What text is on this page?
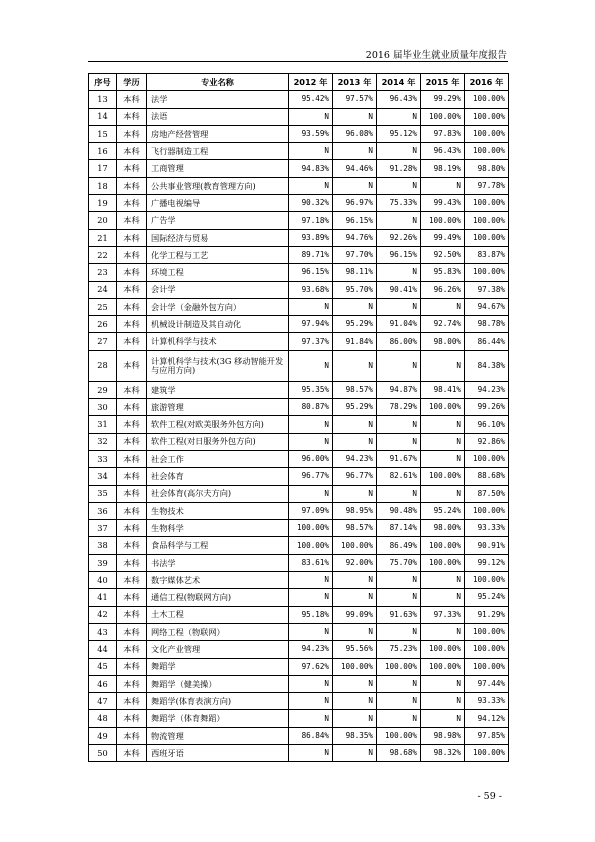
2016 届毕业生就业质量年度报告
序号	学历	专业名称	2012 年	2013 年	2014 年	2015 年	2016 年
13	本科	法学	95.42%	97.57%	96.43%	99.29%	100.00%
14	本科	法语	N	N	N	100.00%	100.00%
15	本科	房地产经营管理	93.59%	96.08%	95.12%	97.83%	100.00%
16	本科	飞行器制造工程	N	N	N	96.43%	100.00%
17	本科	工商管理	94.83%	94.46%	91.28%	98.19%	98.80%
18	本科	公共事业管理(教育管理方向)	N	N	N	N	97.78%
19	本科	广播电视编导	90.32%	96.97%	75.33%	99.43%	100.00%
20	本科	广告学	97.18%	96.15%	N	100.00%	100.00%
21	本科	国际经济与贸易	93.89%	94.76%	92.26%	99.49%	100.00%
22	本科	化学工程与工艺	89.71%	97.70%	96.15%	92.50%	83.87%
23	本科	环境工程	96.15%	98.11%	N	95.83%	100.00%
24	本科	会计学	93.68%	95.70%	90.41%	96.26%	97.38%
25	本科	会计学（金融外包方向）	N	N	N	N	94.67%
26	本科	机械设计制造及其自动化	97.94%	95.29%	91.04%	92.74%	98.78%
27	本科	计算机科学与技术	97.37%	91.84%	86.00%	98.00%	86.44%
28	本科	计算机科学与技术(3G 移动智能开发与应用方向)	N	N	N	N	84.38%
29	本科	建筑学	95.35%	98.57%	94.87%	98.41%	94.23%
30	本科	旅游管理	80.87%	95.29%	78.29%	100.00%	99.26%
31	本科	软件工程(对欧美服务外包方向)	N	N	N	N	96.10%
32	本科	软件工程(对日服务外包方向)	N	N	N	N	92.86%
33	本科	社会工作	96.00%	94.23%	91.67%	N	100.00%
34	本科	社会体育	96.77%	96.77%	82.61%	100.00%	88.68%
35	本科	社会体育(高尔夫方向)	N	N	N	N	87.50%
36	本科	生物技术	97.09%	98.95%	90.48%	95.24%	100.00%
37	本科	生物科学	100.00%	98.57%	87.14%	98.00%	93.33%
38	本科	食品科学与工程	100.00%	100.00%	86.49%	100.00%	90.91%
39	本科	书法学	83.61%	92.00%	75.70%	100.00%	99.12%
40	本科	数字媒体艺术	N	N	N	N	100.00%
41	本科	通信工程(物联网方向)	N	N	N	N	95.24%
42	本科	土木工程	95.18%	99.09%	91.63%	97.33%	91.29%
43	本科	网络工程（物联网）	N	N	N	N	100.00%
44	本科	文化产业管理	94.23%	95.56%	75.23%	100.00%	100.00%
45	本科	舞蹈学	97.62%	100.00%	100.00%	100.00%	100.00%
46	本科	舞蹈学（健美操）	N	N	N	N	97.44%
47	本科	舞蹈学(体育表演方向)	N	N	N	N	93.33%
48	本科	舞蹈学（体育舞蹈）	N	N	N	N	94.12%
49	本科	物流管理	86.84%	98.35%	100.00%	98.98%	97.85%
50	本科	西班牙语	N	N	98.68%	98.32%	100.00%
- 59 -
